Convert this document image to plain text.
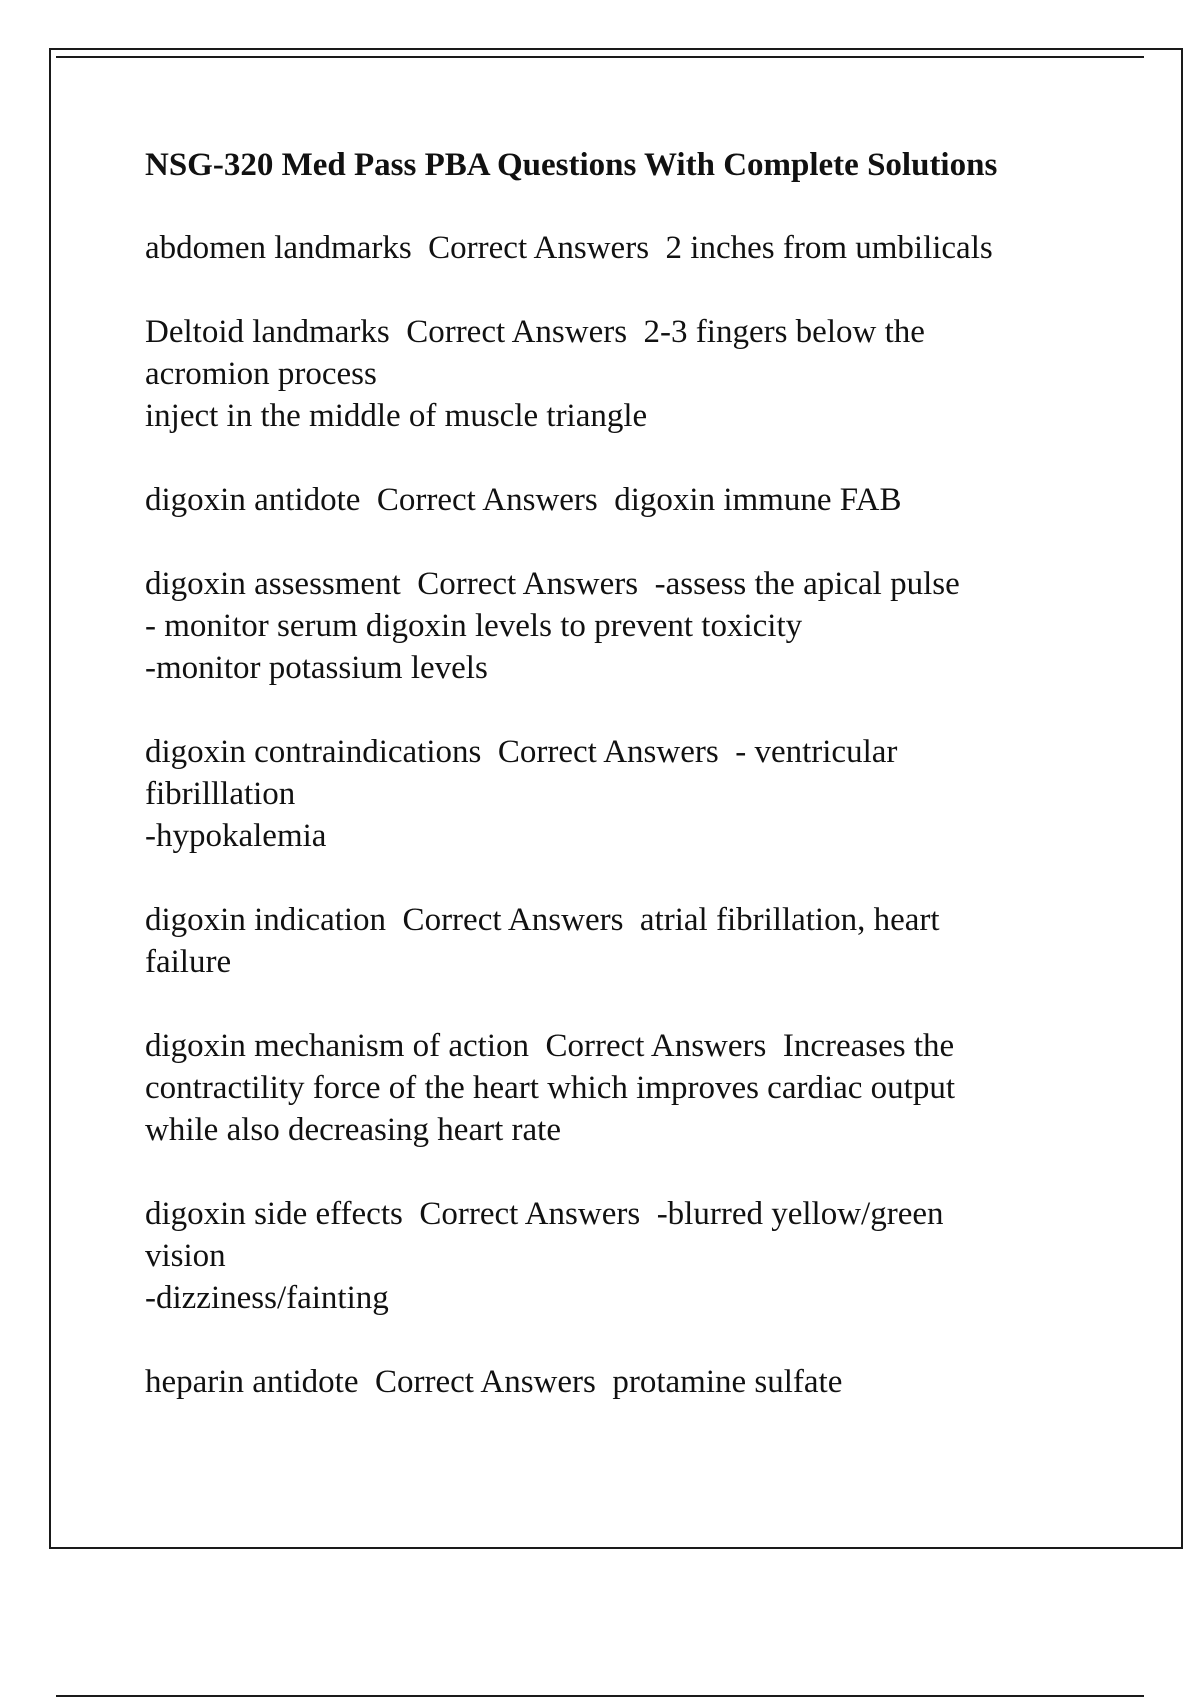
NSG-320 Med Pass PBA Questions With Complete Solutions
abdomen landmarks  Correct Answers  2 inches from umbilicals
Deltoid landmarks  Correct Answers  2-3 fingers below the
acromion process
inject in the middle of muscle triangle
digoxin antidote  Correct Answers  digoxin immune FAB
digoxin assessment  Correct Answers  -assess the apical pulse
- monitor serum digoxin levels to prevent toxicity
-monitor potassium levels
digoxin contraindications  Correct Answers  - ventricular
fibrilllation
-hypokalemia
digoxin indication  Correct Answers  atrial fibrillation, heart
failure
digoxin mechanism of action  Correct Answers  Increases the
contractility force of the heart which improves cardiac output
while also decreasing heart rate
digoxin side effects  Correct Answers  -blurred yellow/green
vision
-dizziness/fainting
heparin antidote  Correct Answers  protamine sulfate
